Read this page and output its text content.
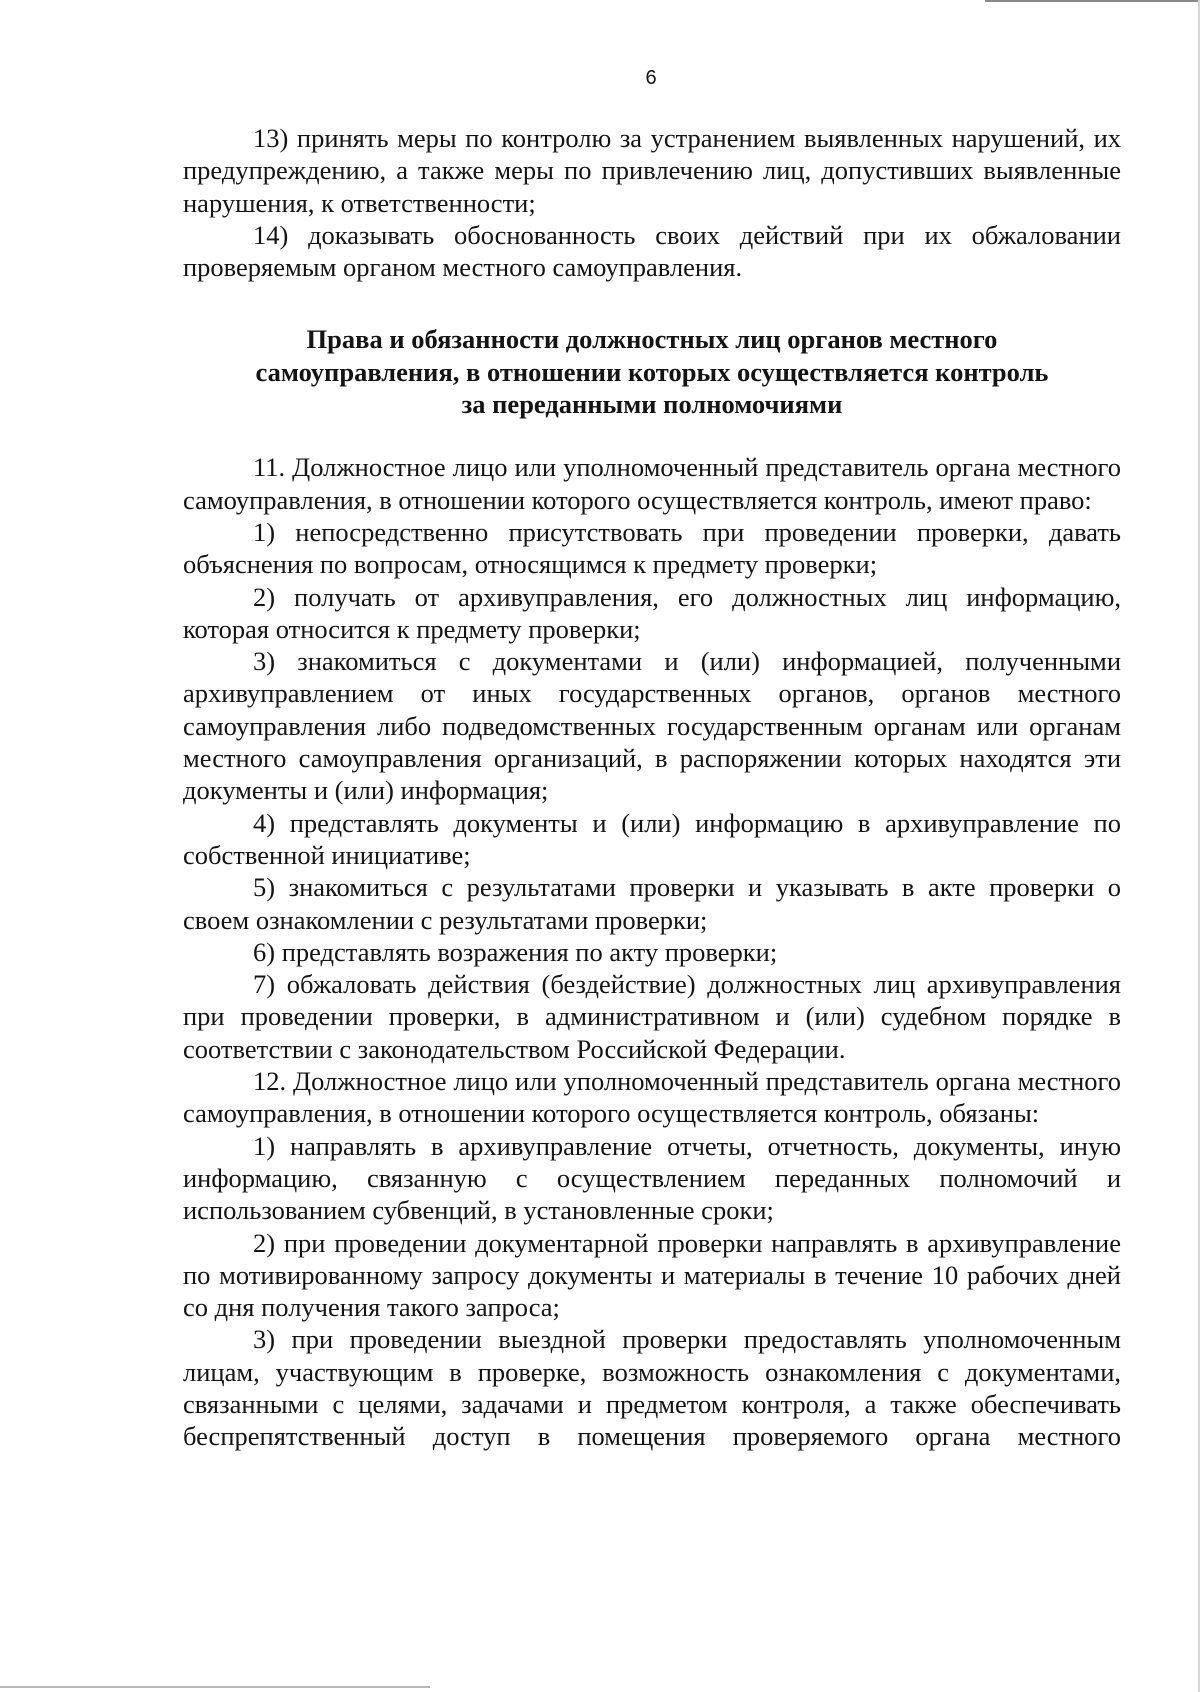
6

13) принять меры по контролю за устранением выявленных нарушений, их предупреждению, а также меры по привлечению лиц, допустивших выявленные нарушения, к ответственности;

14) доказывать обоснованность своих действий при их обжаловании проверяемым органом местного самоуправления.

Права и обязанности должностных лиц органов местного
самоуправления, в отношении которых осуществляется контроль
за переданными полномочиями

11. Должностное лицо или уполномоченный представитель органа местного самоуправления, в отношении которого осуществляется контроль, имеют право:

1) непосредственно присутствовать при проведении проверки, давать объяснения по вопросам, относящимся к предмету проверки;

2) получать от архивуправления, его должностных лиц информацию, которая относится к предмету проверки;

3) знакомиться с документами и (или) информацией, полученными архивуправлением от иных государственных органов, органов местного самоуправления либо подведомственных государственным органам или органам местного самоуправления организаций, в распоряжении которых находятся эти документы и (или) информация;

4) представлять документы и (или) информацию в архивуправление по собственной инициативе;

5) знакомиться с результатами проверки и указывать в акте проверки о своем ознакомлении с результатами проверки;

6) представлять возражения по акту проверки;

7) обжаловать действия (бездействие) должностных лиц архивуправления при проведении проверки, в административном и (или) судебном порядке в соответствии с законодательством Российской Федерации.

12. Должностное лицо или уполномоченный представитель органа местного самоуправления, в отношении которого осуществляется контроль, обязаны:

1) направлять в архивуправление отчеты, отчетность, документы, иную информацию, связанную с осуществлением переданных полномочий и использованием субвенций, в установленные сроки;

2) при проведении документарной проверки направлять в архивуправление по мотивированному запросу документы и материалы в течение 10 рабочих дней со дня получения такого запроса;

3) при проведении выездной проверки предоставлять уполномоченным лицам, участвующим в проверке, возможность ознакомления с документами, связанными с целями, задачами и предметом контроля, а также обеспечивать беспрепятственный доступ в помещения проверяемого органа местного
